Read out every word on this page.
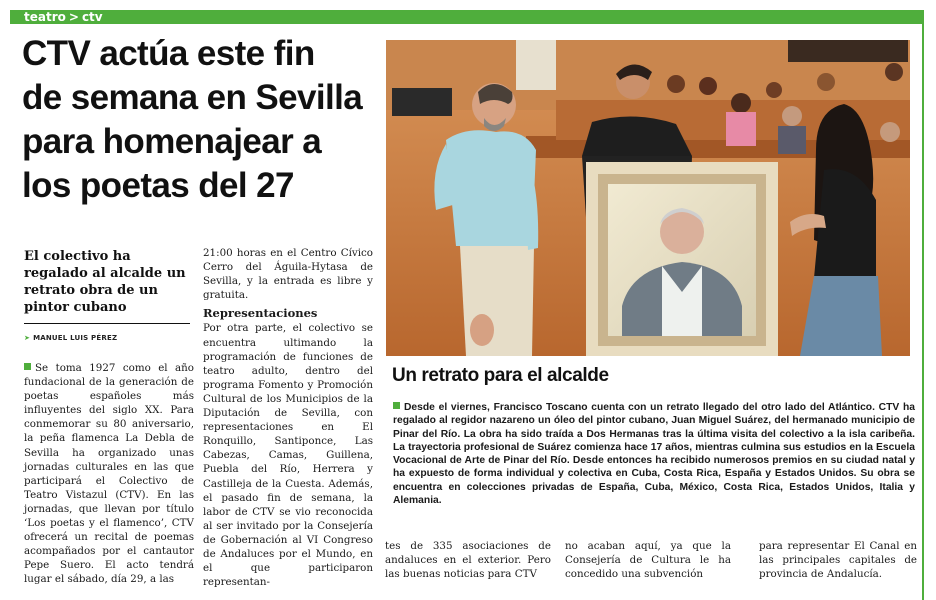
teatro > ctv
CTV actúa este fin
de semana en Sevilla
para homenajear a
los poetas del 27
El colectivo ha regalado al alcalde un retrato obra de un pintor cubano
➤ MANUEL LUIS PÉREZ
Se toma 1927 como el año fundacional de la generación de poetas españoles más influyentes del siglo XX. Para conmemorar su 80 aniversario, la peña flamenca La Debla de Sevilla ha organizado unas jornadas culturales en las que participará el Colectivo de Teatro Vistazul (CTV). En las jornadas, que llevan por título ‘Los poetas y el flamenco’, CTV ofrecerá un recital de poemas acompañados por el cantautor Pepe Suero. El acto tendrá lugar el sábado, día 29, a las
21:00 horas en el Centro Cívico Cerro del Águila-Hytasa de Sevilla, y la entrada es libre y gratuita.
Representaciones
Por otra parte, el colectivo se encuentra ultimando la programación de funciones de teatro adulto, dentro del programa Fomento y Promoción Cultural de los Municipios de la Diputación de Sevilla, con representaciones en El Ronquillo, Santiponce, Las Cabezas, Camas, Guillena, Puebla del Río, Herrera y Castilleja de la Cuesta. Además, el pasado fin de semana, la labor de CTV se vio reconocida al ser invitado por la Consejería de Gobernación al VI Congreso de Andaluces por el Mundo, en el que participaron representan-
Un retrato para el alcalde
Desde el viernes, Francisco Toscano cuenta con un retrato llegado del otro lado del Atlántico. CTV ha regalado al regidor nazareno un óleo del pintor cubano, Juan Miguel Suárez, del hermanado municipio de Pinar del Río. La obra ha sido traída a Dos Hermanas tras la última visita del colectivo a la isla caribeña. La trayectoria profesional de Suárez comienza hace 17 años, mientras culmina sus estudios en la Escuela Vocacional de Arte de Pinar del Río. Desde entonces ha recibido numerosos premios en su ciudad natal y ha expuesto de forma individual y colectiva en Cuba, Costa Rica, España y Estados Unidos. Su obra se encuentra en colecciones privadas de España, Cuba, México, Costa Rica, Estados Unidos, Italia y Alemania.
tes de 335 asociaciones de andaluces en el exterior. Pero las buenas noticias para CTV
no acaban aquí, ya que la Consejería de Cultura le ha concedido una subvención
para representar El Canal en las principales capitales de provincia de Andalucía.
